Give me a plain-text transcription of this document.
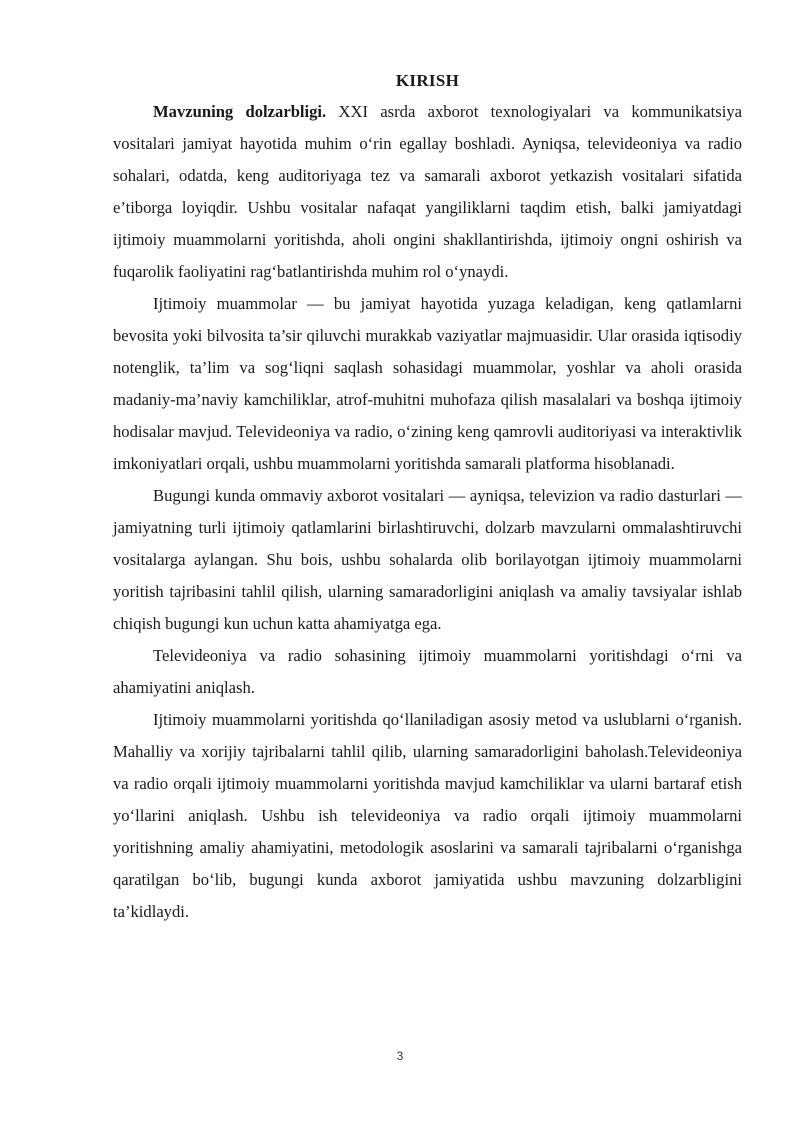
KIRISH

Mavzuning dolzarbligi. XXI asrda axborot texnologiyalari va kommunikatsiya vositalari jamiyat hayotida muhim o‘rin egallay boshladi. Ayniqsa, televideoniya va radio sohalari, odatda, keng auditoriyaga tez va samarali axborot yetkazish vositalari sifatida e’tiborga loyiqdir. Ushbu vositalar nafaqat yangiliklarni taqdim etish, balki jamiyatdagi ijtimoiy muammolarni yoritishda, aholi ongini shakllantirishda, ijtimoiy ongni oshirish va fuqarolik faoliyatini rag‘batlantirishda muhim rol o‘ynaydi.

Ijtimoiy muammolar — bu jamiyat hayotida yuzaga keladigan, keng qatlamlarni bevosita yoki bilvosita ta’sir qiluvchi murakkab vaziyatlar majmuasidir. Ular orasida iqtisodiy notenglik, ta’lim va sog‘liqni saqlash sohasidagi muammolar, yoshlar va aholi orasida madaniy-ma’naviy kamchiliklar, atrof-muhitni muhofaza qilish masalalari va boshqa ijtimoiy hodisalar mavjud. Televideoniya va radio, o‘zining keng qamrovli auditoriyasi va interaktivlik imkoniyatlari orqali, ushbu muammolarni yoritishda samarali platforma hisoblanadi.

Bugungi kunda ommaviy axborot vositalari — ayniqsa, televizion va radio dasturlari — jamiyatning turli ijtimoiy qatlamlarini birlashtiruvchi, dolzarb mavzularni ommalashtiruvchi vositalarga aylangan. Shu bois, ushbu sohalarda olib borilayotgan ijtimoiy muammolarni yoritish tajribasini tahlil qilish, ularning samaradorligini aniqlash va amaliy tavsiyalar ishlab chiqish bugungi kun uchun katta ahamiyatga ega.

Televideoniya va radio sohasining ijtimoiy muammolarni yoritishdagi o‘rni va ahamiyatini aniqlash.

Ijtimoiy muammolarni yoritishda qo‘llaniladigan asosiy metod va uslublarni o‘rganish. Mahalliy va xorijiy tajribalarni tahlil qilib, ularning samaradorligini baholash.Televideoniya va radio orqali ijtimoiy muammolarni yoritishda mavjud kamchiliklar va ularni bartaraf etish yo‘llarini aniqlash. Ushbu ish televideoniya va radio orqali ijtimoiy muammolarni yoritishning amaliy ahamiyatini, metodologik asoslarini va samarali tajribalarni o‘rganishga qaratilgan bo‘lib, bugungi kunda axborot jamiyatida ushbu mavzuning dolzarbligini ta’kidlaydi.

3
